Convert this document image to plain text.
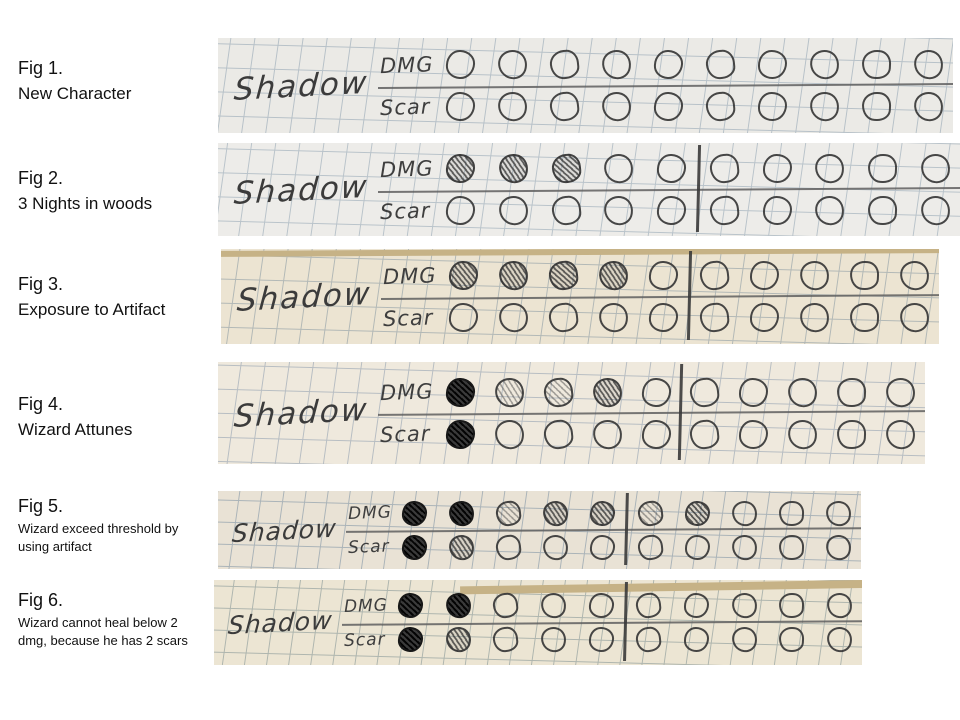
Fig 1.
New Character	Shadow DMG
Scar
Fig 2.
3 Nights in woods	Shadow DMG
Scar
Fig 3.
Exposure to Artifact Shadow DMG
Scar
Fig 4.
Wizard Attunes	Shadow DMG
Scar
Fig 5.
Wizard exceed threshold by
using artifact	Shadow DMG
Scar
Fig 6.
Wizard cannot heal below 2
dmg, because he has 2 scars
Shadow DMG
Scar
